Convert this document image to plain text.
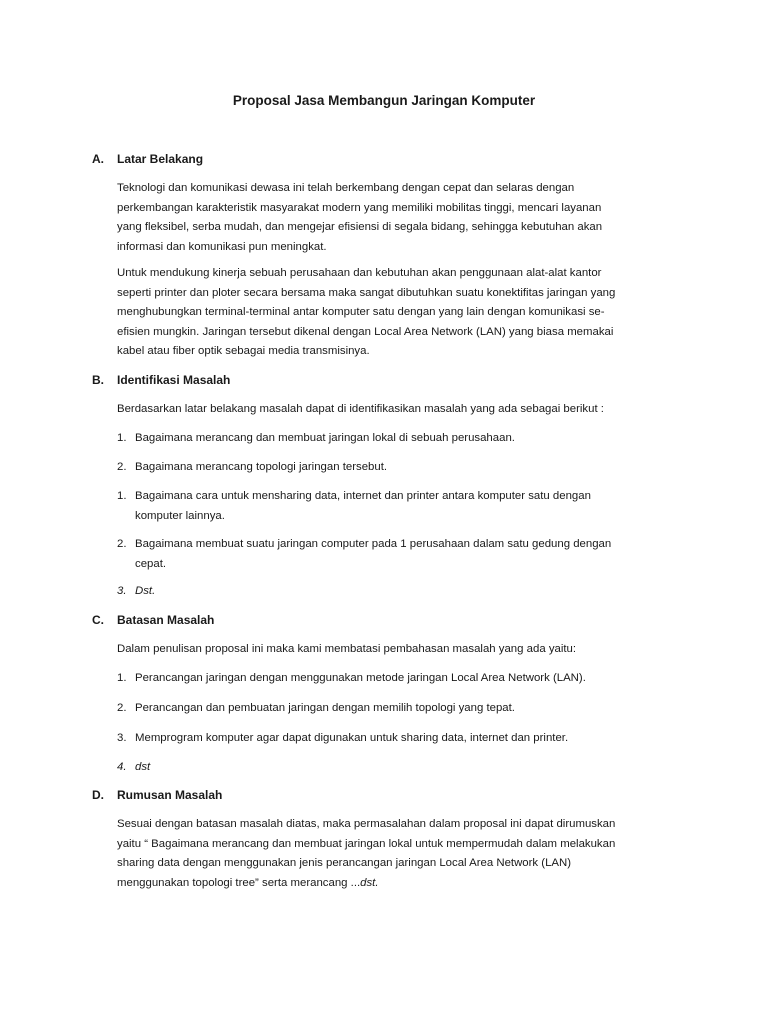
Proposal Jasa Membangun Jaringan Komputer
A. Latar Belakang
Teknologi dan komunikasi dewasa ini telah berkembang dengan cepat dan selaras dengan
perkembangan karakteristik masyarakat modern yang memiliki mobilitas tinggi, mencari layanan
yang fleksibel, serba mudah, dan mengejar efisiensi di segala bidang, sehingga kebutuhan akan
informasi dan komunikasi pun meningkat.
Untuk mendukung kinerja sebuah perusahaan dan kebutuhan akan penggunaan alat-alat kantor
seperti printer dan ploter secara bersama maka sangat dibutuhkan suatu konektifitas jaringan yang
menghubungkan terminal-terminal antar komputer satu dengan yang lain dengan komunikasi se-
efisien mungkin. Jaringan tersebut dikenal dengan Local Area Network (LAN) yang biasa memakai
kabel atau fiber optik sebagai media transmisinya.
B. Identifikasi Masalah
Berdasarkan latar belakang masalah dapat di identifikasikan masalah yang ada sebagai berikut :
1. Bagaimana merancang dan membuat jaringan lokal di sebuah perusahaan.
2. Bagaimana merancang topologi jaringan tersebut.
1. Bagaimana cara untuk mensharing data, internet dan printer antara komputer satu dengan
komputer lainnya.
2. Bagaimana membuat suatu jaringan computer pada 1 perusahaan dalam satu gedung dengan
cepat.
3. Dst.
C. Batasan Masalah
Dalam penulisan proposal ini maka kami membatasi pembahasan masalah yang ada yaitu:
1. Perancangan jaringan dengan menggunakan metode jaringan Local Area Network (LAN).
2. Perancangan dan pembuatan jaringan dengan memilih topologi yang tepat.
3. Memprogram komputer agar dapat digunakan untuk sharing data, internet dan printer.
4. dst
D. Rumusan Masalah
Sesuai dengan batasan masalah diatas, maka permasalahan dalam proposal ini dapat dirumuskan
yaitu “ Bagaimana merancang dan membuat jaringan lokal untuk mempermudah dalam melakukan
sharing data dengan menggunakan jenis perancangan jaringan Local Area Network (LAN)
menggunakan topologi tree” serta merancang ...dst.
